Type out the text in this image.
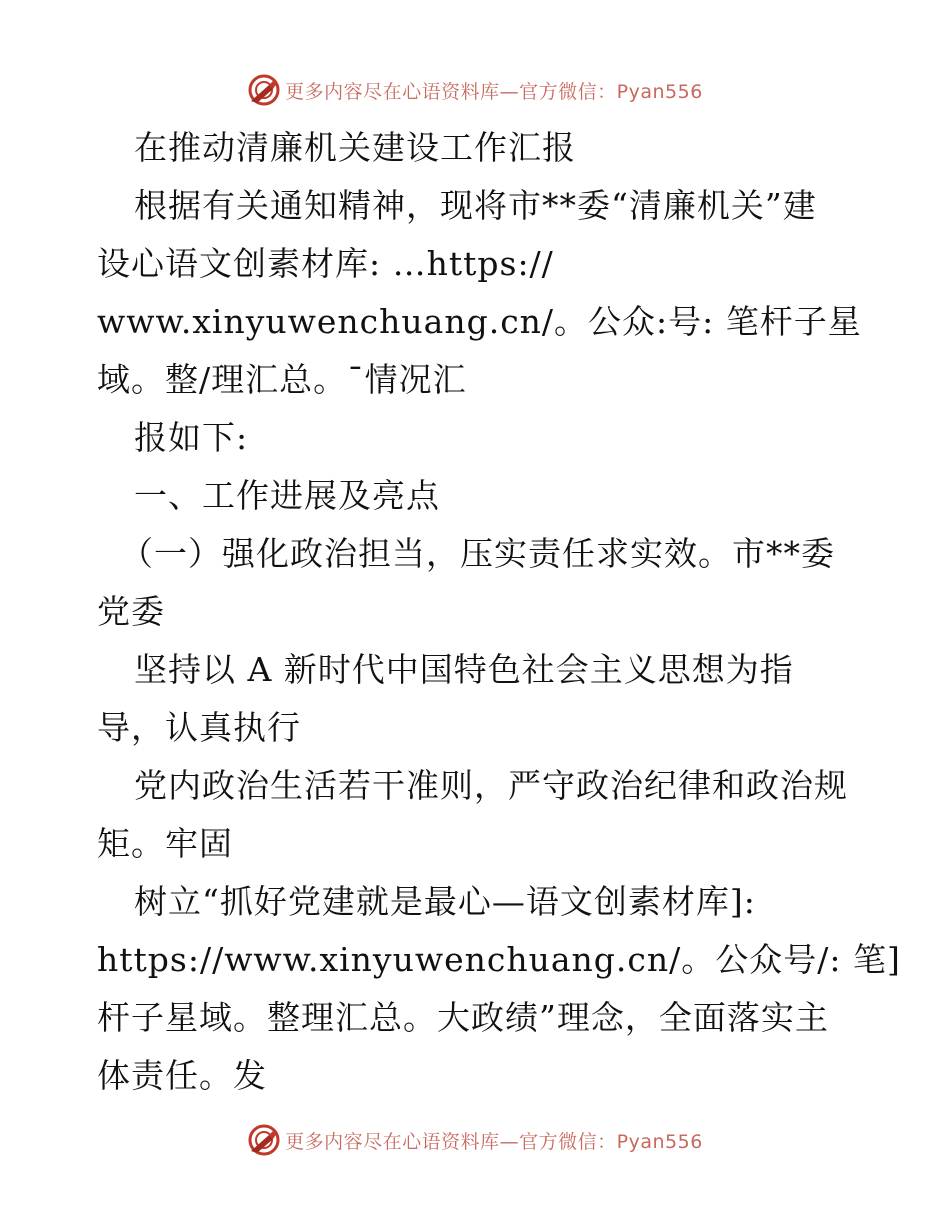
更多内容尽在心语资料库—官方微信：Pyan556
在推动清廉机关建设工作汇报
根据有关通知精神，现将市**委“清廉机关”建
设心语文创素材库: …https://
www.xinyuwenchuang.cn/。公众:号: 笔杆子星
域。整/理汇总。¯情况汇
报如下:
一、工作进展及亮点
（一）强化政治担当，压实责任求实效。市**委
党委
坚持以 A 新时代中国特色社会主义思想为指
导，认真执行
党内政治生活若干准则，严守政治纪律和政治规
矩。牢固
树立“抓好党建就是最心—语文创素材库]:
https://www.xinyuwenchuang.cn/。公众号/: 笔]
杆子星域。整理汇总。大政绩”理念，全面落实主
体责任。发
更多内容尽在心语资料库—官方微信：Pyan556
